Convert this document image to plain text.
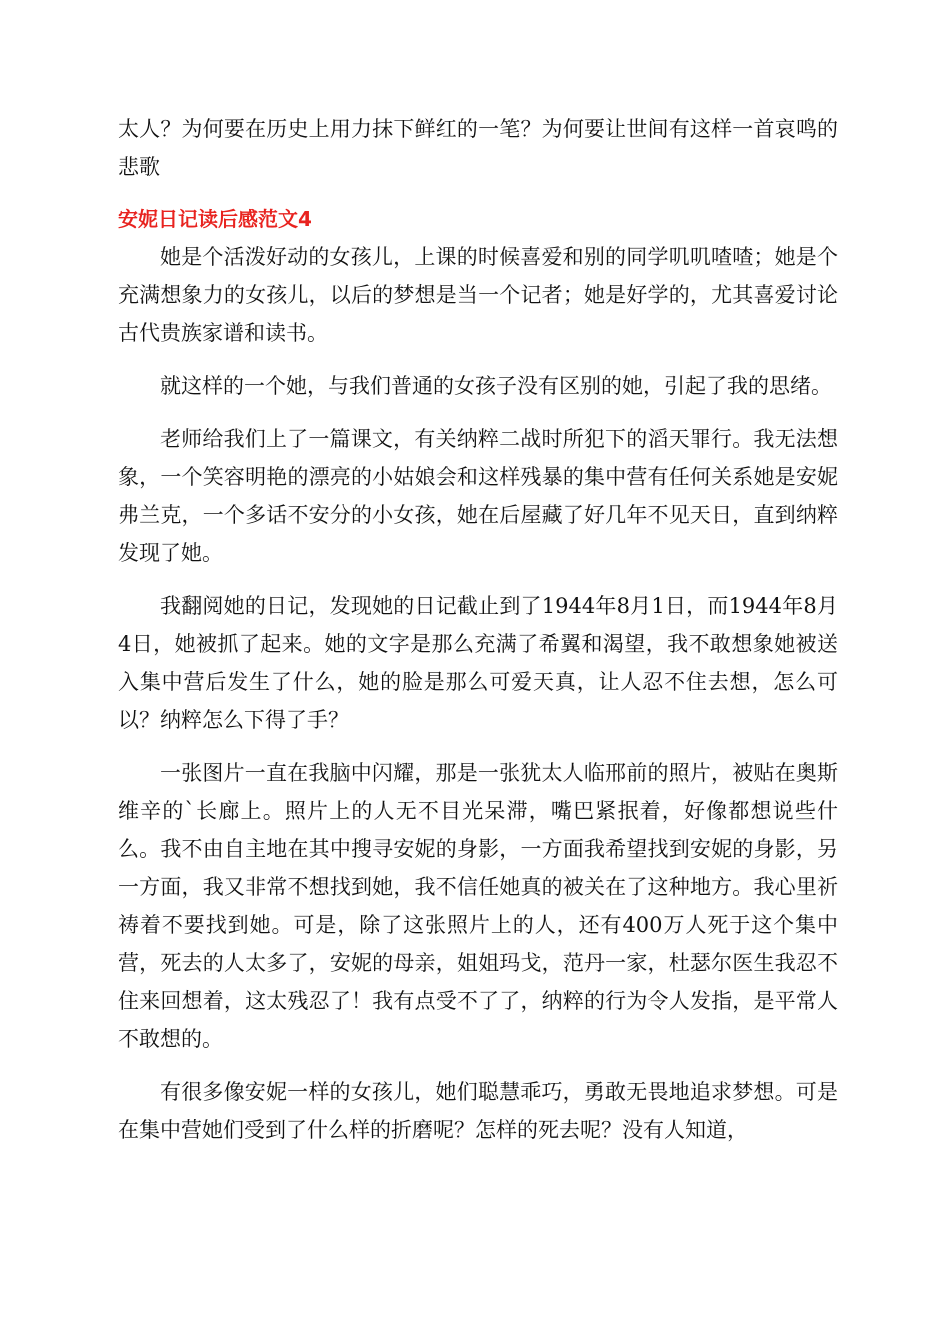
太人？为何要在历史上用力抹下鲜红的一笔？为何要让世间有这样一首哀鸣的悲歌

安妮日记读后感范文4

她是个活泼好动的女孩儿，上课的时候喜爱和别的同学叽叽喳喳；她是个充满想象力的女孩儿，以后的梦想是当一个记者；她是好学的，尤其喜爱讨论古代贵族家谱和读书。

就这样的一个她，与我们普通的女孩子没有区别的她，引起了我的思绪。

老师给我们上了一篇课文，有关纳粹二战时所犯下的滔天罪行。我无法想象，一个笑容明艳的漂亮的小姑娘会和这样残暴的集中营有任何关系她是安妮弗兰克，一个多话不安分的小女孩，她在后屋藏了好几年不见天日，直到纳粹发现了她。

我翻阅她的日记，发现她的日记截止到了1944年8月1日，而1944年8月4日，她被抓了起来。她的文字是那么充满了希翼和渴望，我不敢想象她被送入集中营后发生了什么，她的脸是那么可爱天真，让人忍不住去想，怎么可以？纳粹怎么下得了手？

一张图片一直在我脑中闪耀，那是一张犹太人临邢前的照片，被贴在奥斯维辛的`长廊上。照片上的人无不目光呆滞，嘴巴紧抿着，好像都想说些什么。我不由自主地在其中搜寻安妮的身影，一方面我希望找到安妮的身影，另一方面，我又非常不想找到她，我不信任她真的被关在了这种地方。我心里祈祷着不要找到她。可是，除了这张照片上的人，还有400万人死于这个集中营，死去的人太多了，安妮的母亲，姐姐玛戈，范丹一家，杜瑟尔医生我忍不住来回想着，这太残忍了！我有点受不了了，纳粹的行为令人发指，是平常人不敢想的。

有很多像安妮一样的女孩儿，她们聪慧乖巧，勇敢无畏地追求梦想。可是在集中营她们受到了什么样的折磨呢？怎样的死去呢？没有人知道，
